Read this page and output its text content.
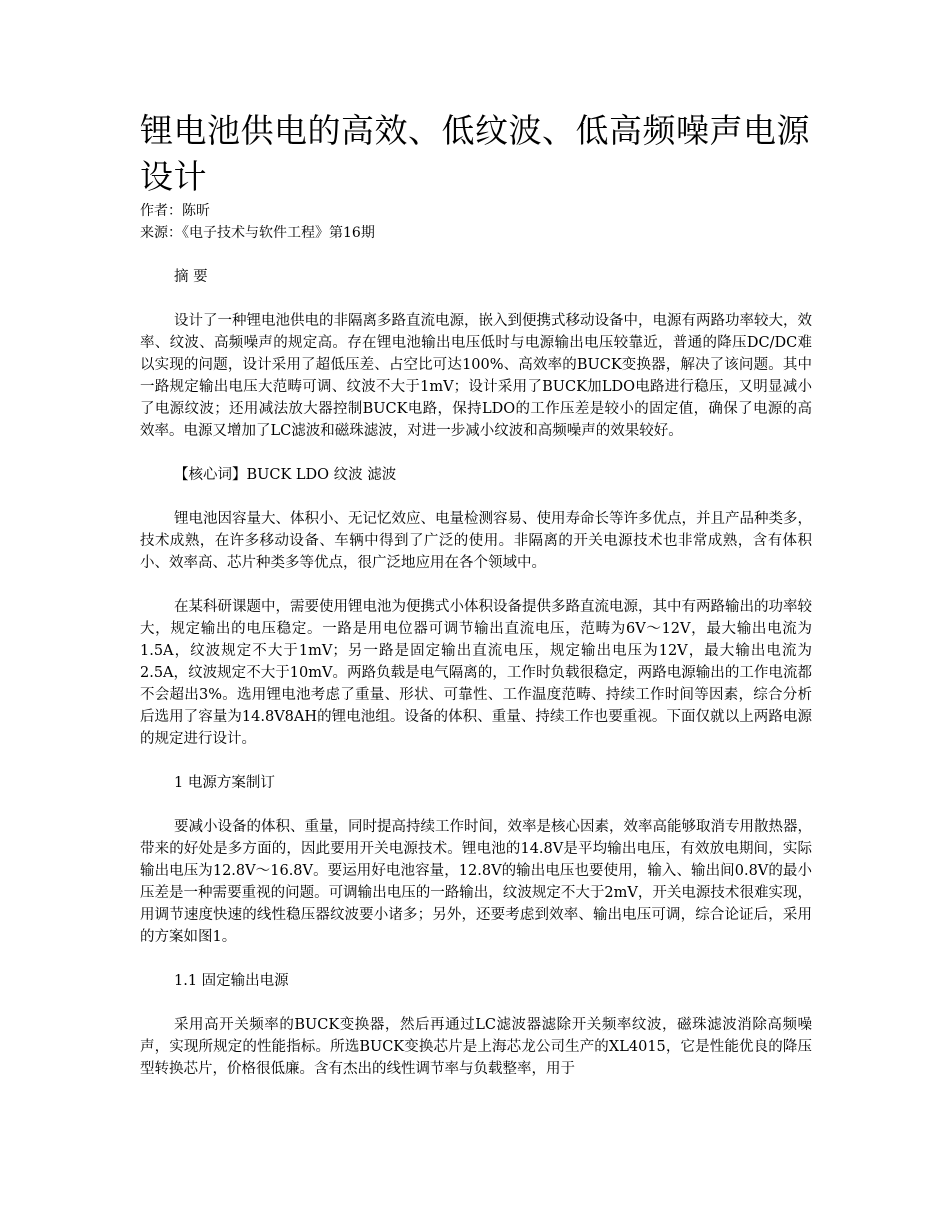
锂电池供电的高效、低纹波、低高频噪声电源设计

作者：陈昕

来源：《电子技术与软件工程》第16期

摘 要

设计了一种锂电池供电的非隔离多路直流电源，嵌入到便携式移动设备中，电源有两路功率较大，效率、纹波、高频噪声的规定高。存在锂电池输出电压低时与电源输出电压较靠近，普通的降压DC/DC难以实现的问题，设计采用了超低压差、占空比可达100%、高效率的BUCK变换器，解决了该问题。其中一路规定输出电压大范畴可调、纹波不大于1mV；设计采用了BUCK加LDO电路进行稳压，又明显减小了电源纹波；还用减法放大器控制BUCK电路，保持LDO的工作压差是较小的固定值，确保了电源的高效率。电源又增加了LC滤波和磁珠滤波，对进一步减小纹波和高频噪声的效果较好。

【核心词】BUCK LDO 纹波 滤波

锂电池因容量大、体积小、无记忆效应、电量检测容易、使用寿命长等许多优点，并且产品种类多，技术成熟，在许多移动设备、车辆中得到了广泛的使用。非隔离的开关电源技术也非常成熟，含有体积小、效率高、芯片种类多等优点，很广泛地应用在各个领域中。

在某科研课题中，需要使用锂电池为便携式小体积设备提供多路直流电源，其中有两路输出的功率较大，规定输出的电压稳定。一路是用电位器可调节输出直流电压，范畴为6V～12V，最大输出电流为1.5A，纹波规定不大于1mV；另一路是固定输出直流电压，规定输出电压为12V，最大输出电流为2.5A，纹波规定不大于10mV。两路负载是电气隔离的，工作时负载很稳定，两路电源输出的工作电流都不会超出3%。选用锂电池考虑了重量、形状、可靠性、工作温度范畴、持续工作时间等因素，综合分析后选用了容量为14.8V8AH的锂电池组。设备的体积、重量、持续工作也要重视。下面仅就以上两路电源的规定进行设计。

1 电源方案制订

要减小设备的体积、重量，同时提高持续工作时间，效率是核心因素，效率高能够取消专用散热器，带来的好处是多方面的，因此要用开关电源技术。锂电池的14.8V是平均输出电压，有效放电期间，实际输出电压为12.8V～16.8V。要运用好电池容量，12.8V的输出电压也要使用，输入、输出间0.8V的最小压差是一种需要重视的问题。可调输出电压的一路输出，纹波规定不大于2mV，开关电源技术很难实现，用调节速度快速的线性稳压器纹波要小诸多；另外，还要考虑到效率、输出电压可调，综合论证后，采用的方案如图1。

1.1 固定输出电源

采用高开关频率的BUCK变换器，然后再通过LC滤波器滤除开关频率纹波，磁珠滤波消除高频噪声，实现所规定的性能指标。所选BUCK变换芯片是上海芯龙公司生产的XL4015，它是性能优良的降压型转换芯片，价格很低廉。含有杰出的线性调节率与负载整率，用于
